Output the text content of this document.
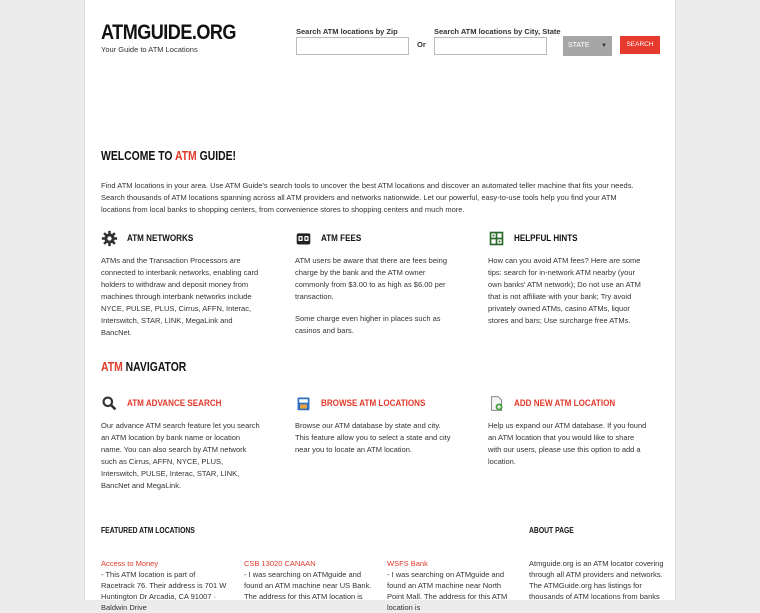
ATMGUIDE.ORG
Your Guide to ATM Locations
Search ATM locations by Zip
Or
Search ATM locations by City, State
STATE ▼	SEARCH
WELCOME TO ATM GUIDE!
Find ATM locations in your area. Use ATM Guide's search tools to uncover the best ATM locations and discover an automated teller machine that fits your needs. Search thousands of ATM locations spanning across all ATM providers and networks nationwide. Let our powerful, easy-to-use tools help you find your ATM locations from local banks to shopping centers, from convenience stores to shopping centers and much more.
ATM NETWORKS

ATMs and the Transaction Processors are connected to interbank networks, enabling card holders to withdraw and deposit money from machines through interbank networks include NYCE, PULSE, PLUS, Cirrus, AFFN, Interac, Interswitch, STAR, LINK, MegaLink and BancNet.

ATM FEES

ATM users be aware that there are fees being charge by the bank and the ATM owner commonly from $3.00 to as high as $6.00 per transaction.

Some charge even higher in places such as casinos and bars.

HELPFUL HINTS

How can you avoid ATM fees? Here are some tips: search for in-network ATM nearby (your own banks' ATM network); Do not use an ATM that is not affiliate with your bank; Try avoid privately owned ATMs, casino ATMs, liquor stores and bars; Use surcharge free ATMs.

ATM NAVIGATOR
ATM ADVANCE SEARCH

Our advance ATM search feature let you search an ATM location by bank name or location name. You can also search by ATM network such as Cirrus, AFFN, NYCE, PLUS, Interswitch, PULSE, Interac, STAR, LINK, BancNet and MegaLink.

BROWSE ATM LOCATIONS

Browse our ATM database by state and city. This feature allow you to select a state and city near you to locate an ATM location.

ADD NEW ATM LOCATION

Help us expand our ATM database. If you found an ATM location that you would like to share with our users, please use this option to add a location.

FEATURED ATM LOCATIONS	ABOUT PAGE
Access to Money
- This ATM location is part of Racetrack 76. Their address is 701 W Huntington Dr Arcadia, CA 91007 · Baldwin Drive
CSB 13020 CANAAN
- I was searching on ATMguide and found an ATM machine near US Bank. The address for this ATM location is
WSFS Bank
- I was searching on ATMguide and found an ATM machine near North Point Mall. The address for this ATM location is
Atmguide.org is an ATM locator covering through all ATM providers and networks. The ATMGuide.org has listings for thousands of ATM locations from banks
